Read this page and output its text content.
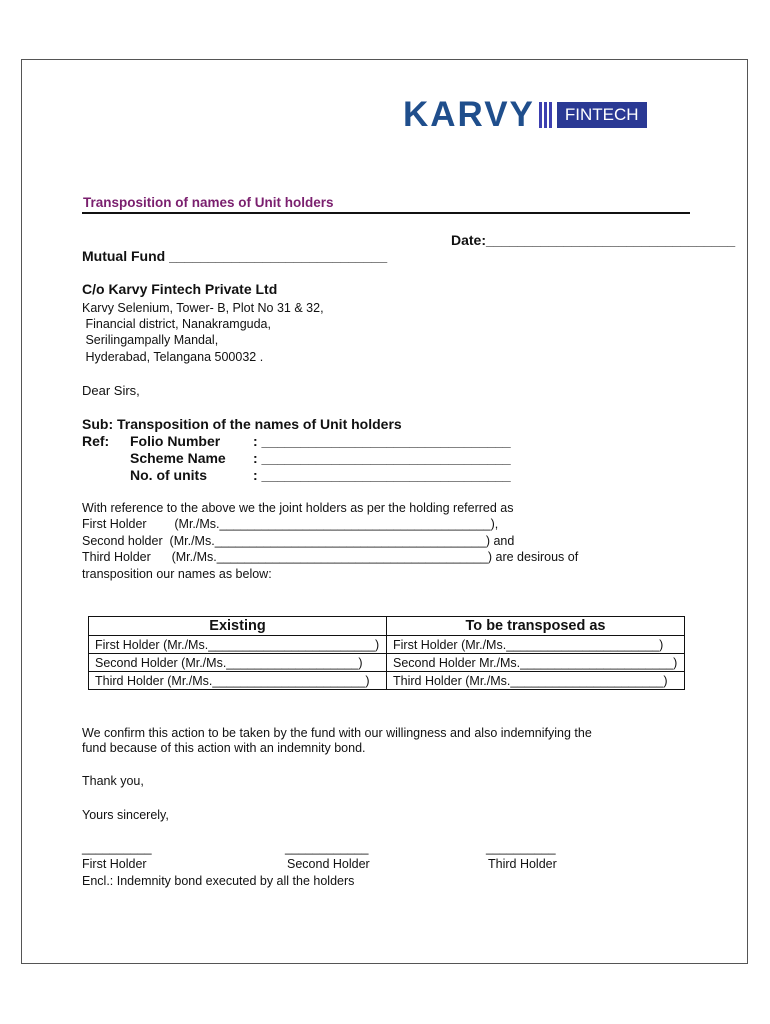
KARVY	FINTECH
Transposition of names of Unit holders
Date:________________________________
Mutual Fund ____________________________
C/o Karvy Fintech Private Ltd
Karvy Selenium, Tower- B, Plot No 31 & 32,
Financial district, Nanakramguda,
Serilingampally Mandal,
Hyderabad, Telangana 500032 .
Dear Sirs,
Sub: Transposition of the names of Unit holders
Ref: Folio Number : ________________________________
Scheme Name : ________________________________
No. of units	: ________________________________
With reference to the above we the joint holders as per the holding referred as
First Holder        (Mr./Ms._______________________________________),
Second holder  (Mr./Ms._______________________________________) and
Third Holder      (Mr./Ms._______________________________________) are desirous of
transposition our names as below:
Existing	To be transposed as
First Holder (Mr./Ms.________________________)	First Holder (Mr./Ms.______________________)
Second Holder (Mr./Ms.___________________)	Second Holder Mr./Ms.______________________)
Third Holder (Mr./Ms.______________________)	Third Holder (Mr./Ms.______________________)
We confirm this action to be taken by the fund with our willingness and also indemnifying the
fund because of this action with an indemnity bond.
Thank you,
Yours sincerely,
__________
First Holder
____________
Second Holder
__________
Third Holder
Encl.: Indemnity bond executed by all the holders
